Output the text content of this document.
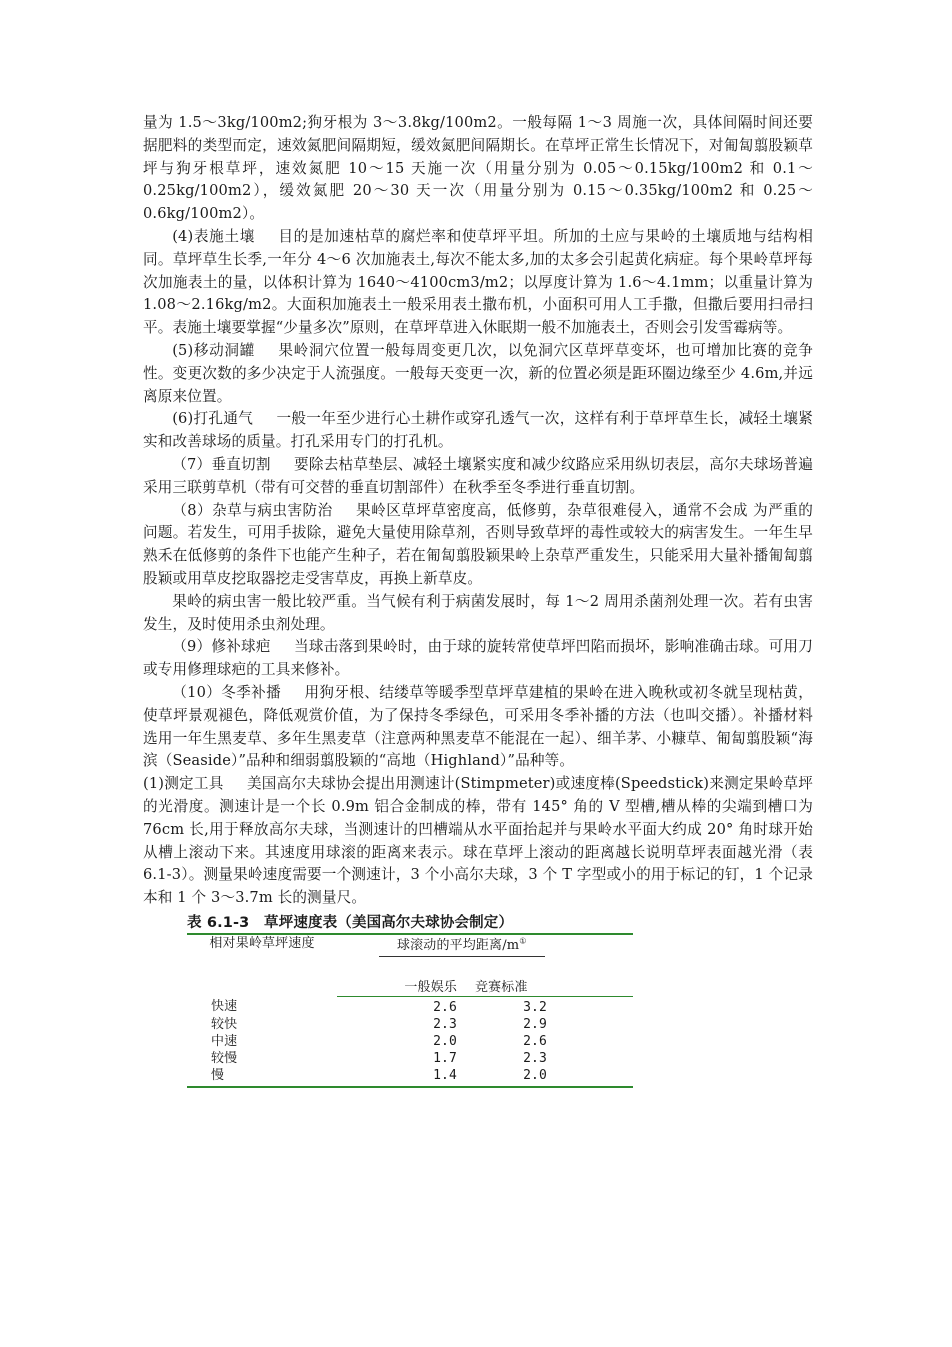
量为 1.5～3kg/100m2;狗牙根为 3～3.8kg/100m2。一般每隔 1～3 周施一次，具体间隔时间还要据肥料的类型而定，速效氮肥间隔期短，缓效氮肥间隔期长。在草坪正常生长情况下，对匍匐翦股颖草坪与狗牙根草坪，速效氮肥 10～15 天施一次（用量分别为 0.05～0.15kg/100m2 和 0.1～0.25kg/100m2），缓效氮肥 20～30 天一次（用量分别为 0.15～0.35kg/100m2 和 0.25～0.6kg/100m2）。

(4)表施土壤 目的是加速枯草的腐烂率和使草坪平坦。所加的土应与果岭的土壤质地与结构相同。草坪草生长季,一年分 4～6 次加施表土,每次不能太多,加的太多会引起黄化病症。每个果岭草坪每次加施表土的量，以体积计算为 1640～4100cm3/m2；以厚度计算为 1.6～4.1mm；以重量计算为 1.08～2.16kg/m2。大面积加施表土一般采用表土撒布机，小面积可用人工手撒，但撒后要用扫帚扫平。表施土壤要掌握“少量多次”原则，在草坪草进入休眠期一般不加施表土，否则会引发雪霉病等。

(5)移动洞罐 果岭洞穴位置一般每周变更几次，以免洞穴区草坪草变坏，也可增加比赛的竞争性。变更次数的多少决定于人流强度。一般每天变更一次，新的位置必须是距环圈边缘至少 4.6m,并远离原来位置。

(6)打孔通气 一般一年至少进行心土耕作或穿孔透气一次，这样有利于草坪草生长，减轻土壤紧实和改善球场的质量。打孔采用专门的打孔机。

（7）垂直切割 要除去枯草垫层、减轻土壤紧实度和减少纹路应采用纵切表层，高尔夫球场普遍采用三联剪草机（带有可交替的垂直切割部件）在秋季至冬季进行垂直切割。

（8）杂草与病虫害防治 果岭区草坪草密度高，低修剪，杂草很难侵入，通常不会成 为严重的问题。若发生，可用手拔除，避免大量使用除草剂，否则导致草坪的毒性或较大的病害发生。一年生早熟禾在低修剪的条件下也能产生种子，若在匍匐翦股颖果岭上杂草严重发生，只能采用大量补播匍匐翦股颖或用草皮挖取器挖走受害草皮，再换上新草皮。

果岭的病虫害一般比较严重。当气候有利于病菌发展时，每 1～2 周用杀菌剂处理一次。若有虫害发生，及时使用杀虫剂处理。

（9）修补球疤 当球击落到果岭时，由于球的旋转常使草坪凹陷而损坏，影响准确击球。可用刀或专用修理球疤的工具来修补。

（10）冬季补播 用狗牙根、结缕草等暖季型草坪草建植的果岭在进入晚秋或初冬就呈现枯黄，使草坪景观褪色，降低观赏价值，为了保持冬季绿色，可采用冬季补播的方法（也叫交播）。补播材料选用一年生黑麦草、多年生黑麦草（注意两种黑麦草不能混在一起）、细羊茅、小糠草、匍匐翦股颖“海滨（Seaside）”品种和细弱翦股颖的“高地（Highland）”品种等。

(1)测定工具 美国高尔夫球协会提出用测速计(Stimpmeter)或速度棒(Speedstick)来测定果岭草坪的光滑度。测速计是一个长 0.9m 铝合金制成的棒，带有 145° 角的 V 型槽,槽从棒的尖端到槽口为 76cm 长,用于释放高尔夫球，当测速计的凹槽端从水平面抬起并与果岭水平面大约成 20° 角时球开始从槽上滚动下来。其速度用球滚的距离来表示。球在草坪上滚动的距离越长说明草坪表面越光滑（表 6.1-3）。测量果岭速度需要一个测速计，3 个小高尔夫球，3 个 T 字型或小的用于标记的钉，1 个记录本和 1 个 3～3.7m 长的测量尺。

表 6.1-3　草坪速度表（美国高尔夫球协会制定）
相对果岭草坪速度	球滚动的平均距离/m①
	一般娱乐	竞赛标准
快速	2.6	3.2
较快	2.3	2.9
中速	2.0	2.6
较慢	1.7	2.3
慢	1.4	2.0
